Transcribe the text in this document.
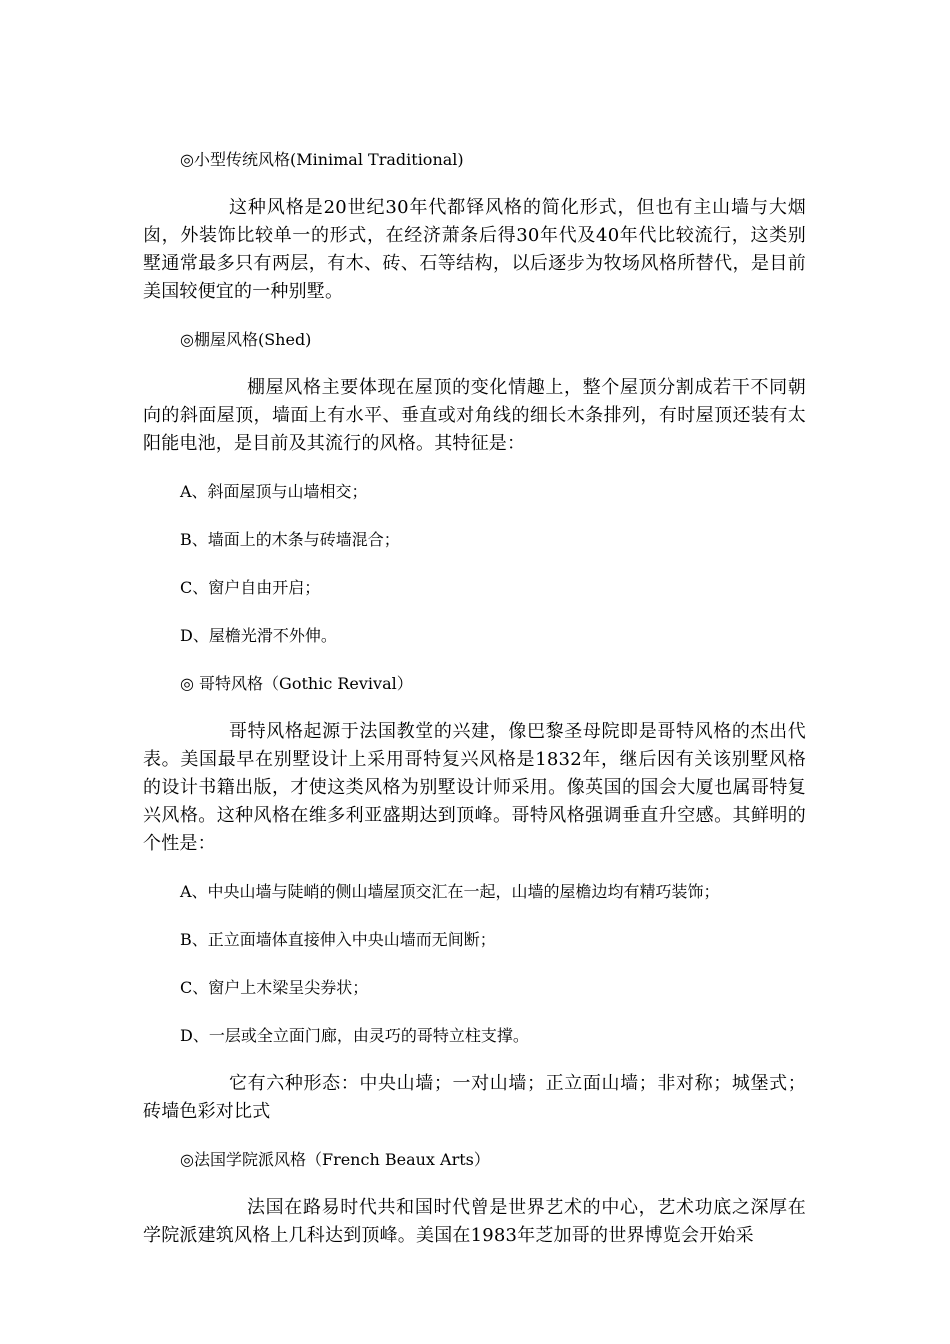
◎小型传统风格(Minimal Traditional)

这种风格是20世纪30年代都铎风格的简化形式，但也有主山墙与大烟囱，外装饰比较单一的形式，在经济萧条后得30年代及40年代比较流行，这类别墅通常最多只有两层，有木、砖、石等结构，以后逐步为牧场风格所替代，是目前美国较便宜的一种别墅。

◎棚屋风格(Shed)

棚屋风格主要体现在屋顶的变化情趣上，整个屋顶分割成若干不同朝向的斜面屋顶，墙面上有水平、垂直或对角线的细长木条排列，有时屋顶还装有太阳能电池，是目前及其流行的风格。其特征是：

A、斜面屋顶与山墙相交；

B、墙面上的木条与砖墙混合；

C、窗户自由开启；

D、屋檐光滑不外伸。

◎ 哥特风格（Gothic Revival）

哥特风格起源于法国教堂的兴建，像巴黎圣母院即是哥特风格的杰出代表。美国最早在别墅设计上采用哥特复兴风格是1832年，继后因有关该别墅风格的设计书籍出版，才使这类风格为别墅设计师采用。像英国的国会大厦也属哥特复兴风格。这种风格在维多利亚盛期达到顶峰。哥特风格强调垂直升空感。其鲜明的个性是：

A、中央山墙与陡峭的侧山墙屋顶交汇在一起，山墙的屋檐边均有精巧装饰；

B、正立面墙体直接伸入中央山墙而无间断；

C、窗户上木梁呈尖券状；

D、一层或全立面门廊，由灵巧的哥特立柱支撑。

它有六种形态：中央山墙；一对山墙；正立面山墙；非对称；城堡式；砖墙色彩对比式

◎法国学院派风格（French Beaux Arts）

法国在路易时代共和国时代曾是世界艺术的中心，艺术功底之深厚在学院派建筑风格上几科达到顶峰。美国在1983年芝加哥的世界博览会开始采
